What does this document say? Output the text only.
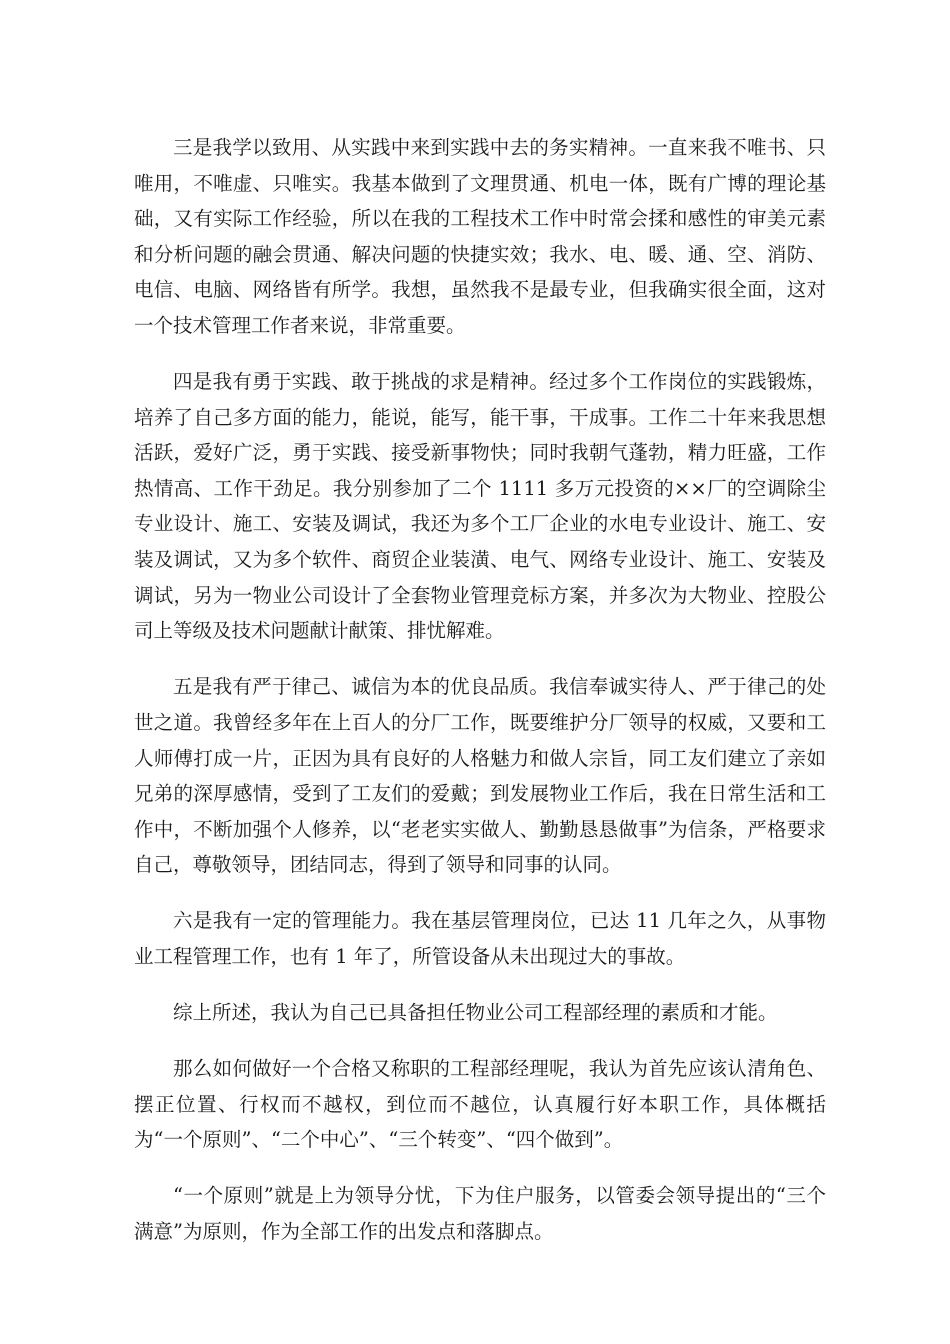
三是我学以致用、从实践中来到实践中去的务实精神。一直来我不唯书、只唯用，不唯虚、只唯实。我基本做到了文理贯通、机电一体，既有广博的理论基础，又有实际工作经验，所以在我的工程技术工作中时常会揉和感性的审美元素和分析问题的融会贯通、解决问题的快捷实效；我水、电、暖、通、空、消防、电信、电脑、网络皆有所学。我想，虽然我不是最专业，但我确实很全面，这对一个技术管理工作者来说，非常重要。

四是我有勇于实践、敢于挑战的求是精神。经过多个工作岗位的实践锻炼，培养了自己多方面的能力，能说，能写，能干事，干成事。工作二十年来我思想活跃，爱好广泛，勇于实践、接受新事物快；同时我朝气蓬勃，精力旺盛，工作热情高、工作干劲足。我分别参加了二个 1111 多万元投资的××厂的空调除尘专业设计、施工、安装及调试，我还为多个工厂企业的水电专业设计、施工、安装及调试，又为多个软件、商贸企业装潢、电气、网络专业设计、施工、安装及调试，另为一物业公司设计了全套物业管理竞标方案，并多次为大物业、控股公司上等级及技术问题献计献策、排忧解难。

五是我有严于律己、诚信为本的优良品质。我信奉诚实待人、严于律己的处世之道。我曾经多年在上百人的分厂工作，既要维护分厂领导的权威，又要和工人师傅打成一片，正因为具有良好的人格魅力和做人宗旨，同工友们建立了亲如兄弟的深厚感情，受到了工友们的爱戴；到发展物业工作后，我在日常生活和工作中，不断加强个人修养，以“老老实实做人、勤勤恳恳做事”为信条，严格要求自己，尊敬领导，团结同志，得到了领导和同事的认同。

六是我有一定的管理能力。我在基层管理岗位，已达 11 几年之久，从事物业工程管理工作，也有 1 年了，所管设备从未出现过大的事故。

综上所述，我认为自己已具备担任物业公司工程部经理的素质和才能。

那么如何做好一个合格又称职的工程部经理呢，我认为首先应该认清角色、摆正位置、行权而不越权，到位而不越位，认真履行好本职工作，具体概括为“一个原则”、“二个中心”、“三个转变”、“四个做到”。

“一个原则”就是上为领导分忧，下为住户服务，以管委会领导提出的“三个满意”为原则，作为全部工作的出发点和落脚点。
